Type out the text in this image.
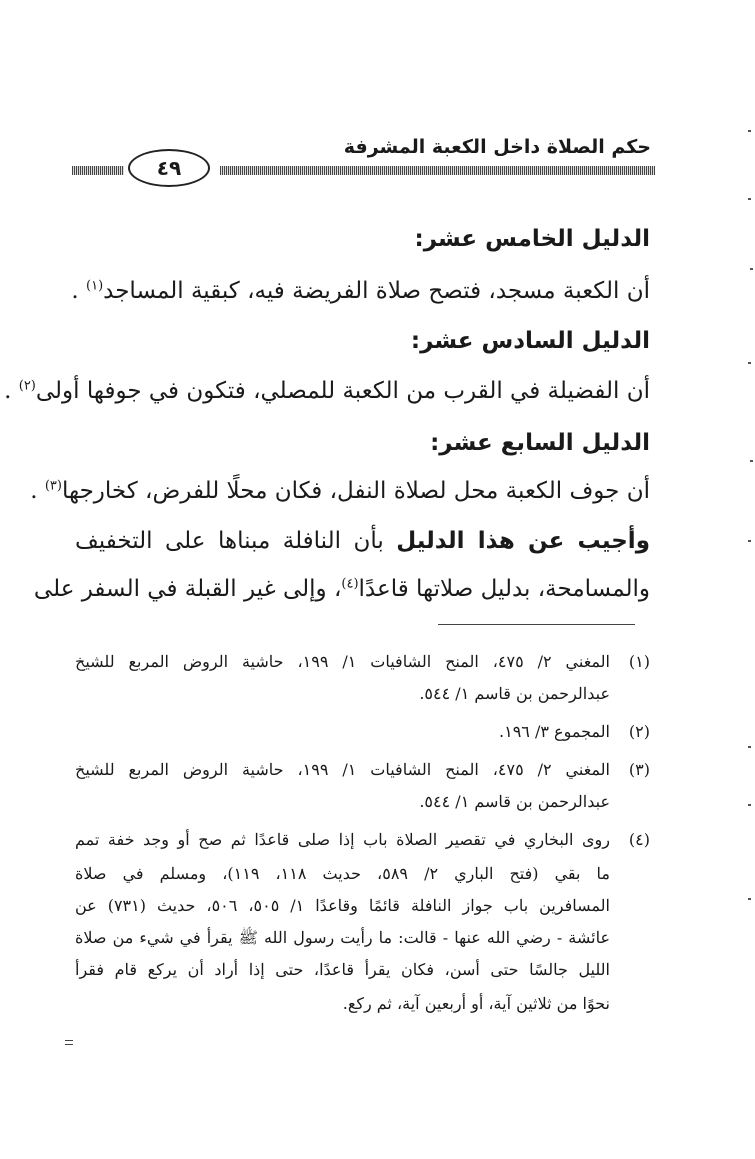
حكم الصلاة داخل الكعبة المشرفة
٤٩
الدليل الخامس عشر:
أن الكعبة مسجد، فتصح صلاة الفريضة فيه، كبقية المساجد$^{(١)}$ .
الدليل السادس عشر:
أن الفضيلة في القرب من الكعبة للمصلي، فتكون في جوفها أولى$^{(٢)}$ .
الدليل السابع عشر:
أن جوف الكعبة محل لصلاة النفل، فكان محلًا للفرض، كخارجها$^{(٣)}$ .
وأجيب عن هذا الدليل بأن النافلة مبناها على التخفيف
والمسامحة، بدليل صلاتها قاعدًا$^{(٤)}$، وإلى غير القبلة في السفر على
(١)
المغني ٢/ ٤٧٥، المنح الشافيات ١/ ١٩٩، حاشية الروض المربع للشيخ
عبدالرحمن بن قاسم ١/ ٥٤٤.
(٢)
المجموع ٣/ ١٩٦.
(٣)
المغني ٢/ ٤٧٥، المنح الشافيات ١/ ١٩٩، حاشية الروض المربع للشيخ
عبدالرحمن بن قاسم ١/ ٥٤٤.
(٤)
روى البخاري في تقصير الصلاة باب إذا صلى قاعدًا ثم صح أو وجد خفة تمم
ما بقي (فتح الباري ٢/ ٥٨٩، حديث ١١٨، ١١٩)، ومسلم في صلاة
المسافرين باب جواز النافلة قائمًا وقاعدًا ١/ ٥٠٥، ٥٠٦، حديث (٧٣١) عن
عائشة - رضي الله عنها - قالت: ما رأيت رسول الله ﷺ يقرأ في شيء من صلاة
الليل جالسًا حتى أسن، فكان يقرأ قاعدًا، حتى إذا أراد أن يركع قام فقرأ
نحوًا من ثلاثين آية، أو أربعين آية، ثم ركع.
